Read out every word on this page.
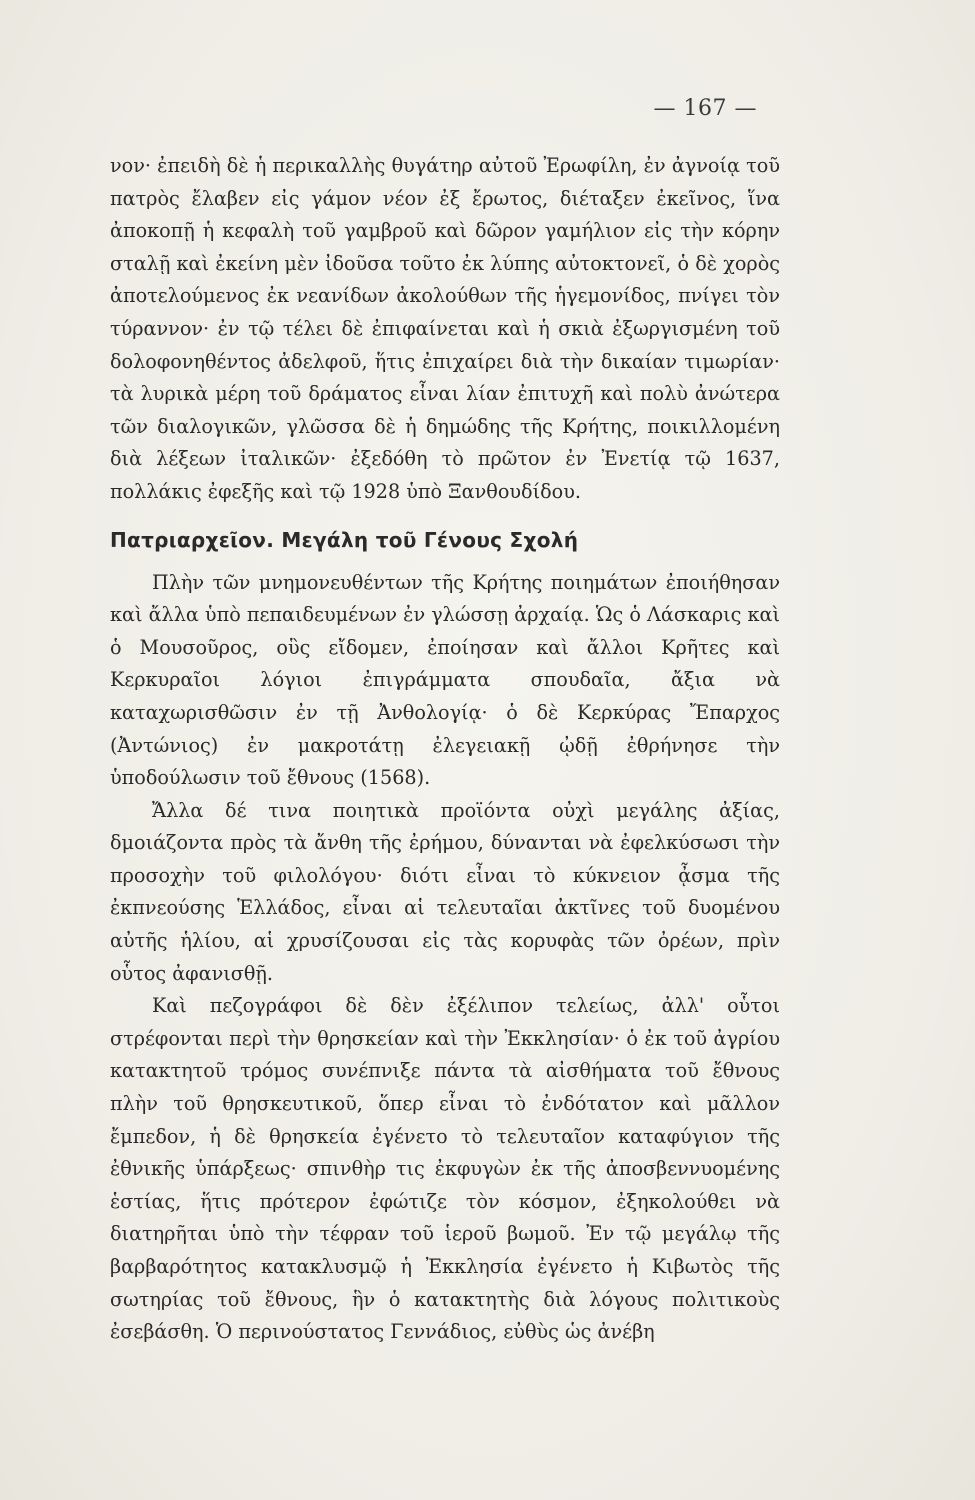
— 167 —

νον· ἐπειδὴ δὲ ἡ περικαλλὴς θυγάτηρ αὐτοῦ Ἐρωφίλη, ἐν ἀγνοίᾳ τοῦ πατρὸς ἔλαβεν εἰς γάμον νέον ἐξ ἔρωτος, διέταξεν ἐκεῖνος, ἵνα ἀποκοπῇ ἡ κεφαλὴ τοῦ γαμβροῦ καὶ δῶρον γαμήλιον εἰς τὴν κόρην σταλῇ καὶ ἐκείνη μὲν ἰδοῦσα τοῦτο ἐκ λύπης αὐτοκτονεῖ, ὁ δὲ χορὸς ἀποτελούμενος ἐκ νεανίδων ἀκολούθων τῆς ἡγεμονίδος, πνίγει τὸν τύραννον· ἐν τῷ τέλει δὲ ἐπιφαίνεται καὶ ἡ σκιὰ ἐξωργισμένη τοῦ δολοφονηθέντος ἀδελφοῦ, ἥτις ἐπιχαίρει διὰ τὴν δικαίαν τιμωρίαν· τὰ λυρικὰ μέρη τοῦ δράματος εἶναι λίαν ἐπιτυχῆ καὶ πολὺ ἀνώτερα τῶν διαλογικῶν, γλῶσσα δὲ ἡ δημώδης τῆς Κρήτης, ποικιλλομένη διὰ λέξεων ἰταλικῶν· ἐξεδόθη τὸ πρῶτον ἐν Ἐνετίᾳ τῷ 1637, πολλάκις ἐφεξῆς καὶ τῷ 1928 ὑπὸ Ξανθουδίδου.

Πατριαρχεῖον. Μεγάλη τοῦ Γένους Σχολή

Πλὴν τῶν μνημονευθέντων τῆς Κρήτης ποιημάτων ἐποιήθησαν καὶ ἄλλα ὑπὸ πεπαιδευμένων ἐν γλώσσῃ ἀρχαίᾳ. Ὡς ὁ Λάσκαρις καὶ ὁ Μουσοῦρος, οὓς εἴδομεν, ἐποίησαν καὶ ἄλλοι Κρῆτες καὶ Κερκυραῖοι λόγιοι ἐπιγράμματα σπουδαῖα, ἄξια νὰ καταχωρισθῶσιν ἐν τῇ Ἀνθολογίᾳ· ὁ δὲ Κερκύρας Ἔπαρχος (Ἀντώνιος) ἐν μακροτάτῃ ἐλεγειακῇ ᾠδῇ ἐθρήνησε τὴν ὑποδούλωσιν τοῦ ἔθνους (1568).

Ἄλλα δέ τινα ποιητικὰ προϊόντα οὐχὶ μεγάλης ἀξίας, δμοιάζοντα πρὸς τὰ ἄνθη τῆς ἐρήμου, δύνανται νὰ ἐφελκύσωσι τὴν προσοχὴν τοῦ φιλολόγου· διότι εἶναι τὸ κύκνειον ᾆσμα τῆς ἐκπνεούσης Ἑλλάδος, εἶναι αἱ τελευταῖαι ἀκτῖνες τοῦ δυομένου αὐτῆς ἡλίου, αἱ χρυσίζουσαι εἰς τὰς κορυφὰς τῶν ὀρέων, πρὶν οὗτος ἀφανισθῇ.

Καὶ πεζογράφοι δὲ δὲν ἐξέλιπον τελείως, ἀλλ' οὗτοι στρέφονται περὶ τὴν θρησκείαν καὶ τὴν Ἐκκλησίαν· ὁ ἐκ τοῦ ἀγρίου κατακτητοῦ τρόμος συνέπνιξε πάντα τὰ αἰσθήματα τοῦ ἔθνους πλὴν τοῦ θρησκευτικοῦ, ὅπερ εἶναι τὸ ἐνδότατον καὶ μᾶλλον ἔμπεδον, ἡ δὲ θρησκεία ἐγένετο τὸ τελευταῖον καταφύγιον τῆς ἐθνικῆς ὑπάρξεως· σπινθὴρ τις ἐκφυγὼν ἐκ τῆς ἀποσβεννυομένης ἑστίας, ἥτις πρότερον ἐφώτιζε τὸν κόσμον, ἐξηκολούθει νὰ διατηρῆται ὑπὸ τὴν τέφραν τοῦ ἱεροῦ βωμοῦ. Ἐν τῷ μεγάλῳ τῆς βαρβαρότητος κατακλυσμῷ ἡ Ἐκκλησία ἐγένετο ἡ Κιβωτὸς τῆς σωτηρίας τοῦ ἔθνους, ἣν ὁ κατακτητὴς διὰ λόγους πολιτικοὺς ἐσεβάσθη. Ὁ περινούστατος Γεννάδιος, εὐθὺς ὡς ἀνέβη
